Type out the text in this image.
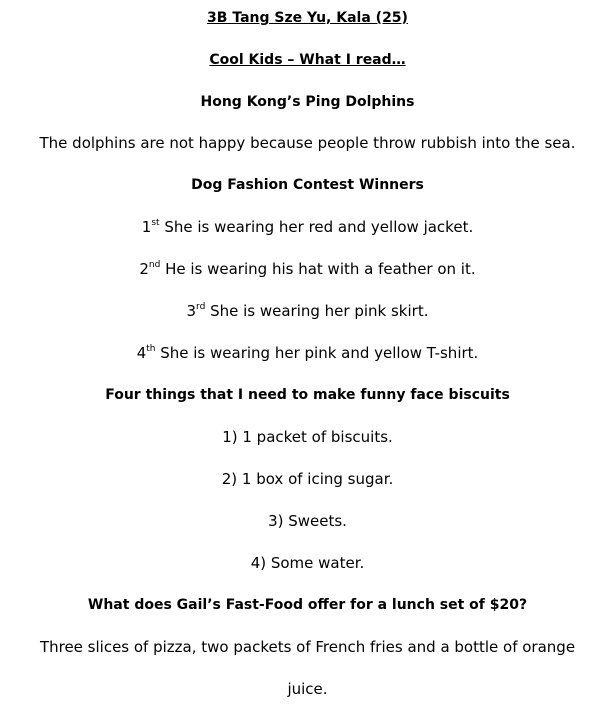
3B Tang Sze Yu, Kala (25)
Cool Kids – What I read…
Hong Kong’s Ping Dolphins
The dolphins are not happy because people throw rubbish into the sea.
Dog Fashion Contest Winners
1st She is wearing her red and yellow jacket.
2nd He is wearing his hat with a feather on it.
3rd She is wearing her pink skirt.
4th She is wearing her pink and yellow T-shirt.
Four things that I need to make funny face biscuits
1) 1 packet of biscuits.
2) 1 box of icing sugar.
3) Sweets.
4) Some water.
What does Gail’s Fast-Food offer for a lunch set of $20?
Three slices of pizza, two packets of French fries and a bottle of orange
juice.
